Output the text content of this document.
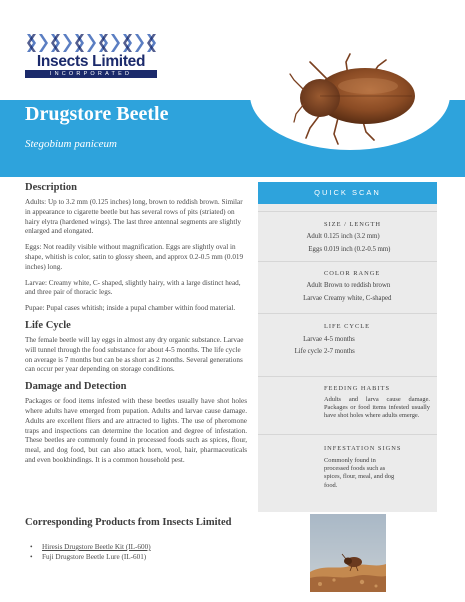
Insects Limited
INCORPORATED
Drugstore Beetle
Stegobium paniceum
Description
Adults: Up to 3.2 mm (0.125 inches) long, brown to reddish brown. Similar in appearance to cigarette beetle but has several rows of pits (striated) on hairy elytra (hardened wings). The last three antennal segments are slightly enlarged and elongated.
Eggs: Not readily visible without magnification. Eggs are slightly oval in shape, whitish is color, satin to glossy sheen, and approx 0.2-0.5 mm (0.019 inches) long.
Larvae: Creamy white, C- shaped, slightly hairy, with a large distinct head, and three pair of thoracic legs.
Pupae: Pupal cases whitish; inside a pupal chamber within food material.
Life Cycle
The female beetle will lay eggs in almost any dry organic substance. Larvae will tunnel through the food substance for about 4-5 months. The life cycle on average is 7 months but can be as short as 2 months. Several generations can occur per year depending on storage conditions.
Damage and Detection
Packages or food items infested with these beetles usually have shot holes where adults have emerged from pupation. Adults and larvae cause damage. Adults are excellent fliers and are attracted to lights. The use of pheromone traps and inspections can determine the location and degree of infestation. These beetles are commonly found in processed foods such as spices, flour, meal, and dog food, but can also attack horn, wool, hair, pharmaceuticals and even bookbindings. It is a common household pest.
Corresponding Products from Insects Limited
• Hiresis Drugstore Beetle Kit (IL-600)
• Fuji Drugstore Beetle Lure (IL-601)
QUICK SCAN
SIZE / LENGTH
Adult 0.125 inch (3.2 mm)
Eggs 0.019 inch (0.2-0.5 mm)
COLOR RANGE
Adult Brown to reddish brown
Larvae Creamy white, C-shaped
LIFE CYCLE
Larvae 4-5 months
Life cycle 2-7 months
FEEDING HABITS
Adults and larva cause damage. Packages or food items infested usually have shot holes where adults emerge.
INFESTATION SIGNS
Commonly found in
processed foods such as
spices, flour, meal, and dog
food.
